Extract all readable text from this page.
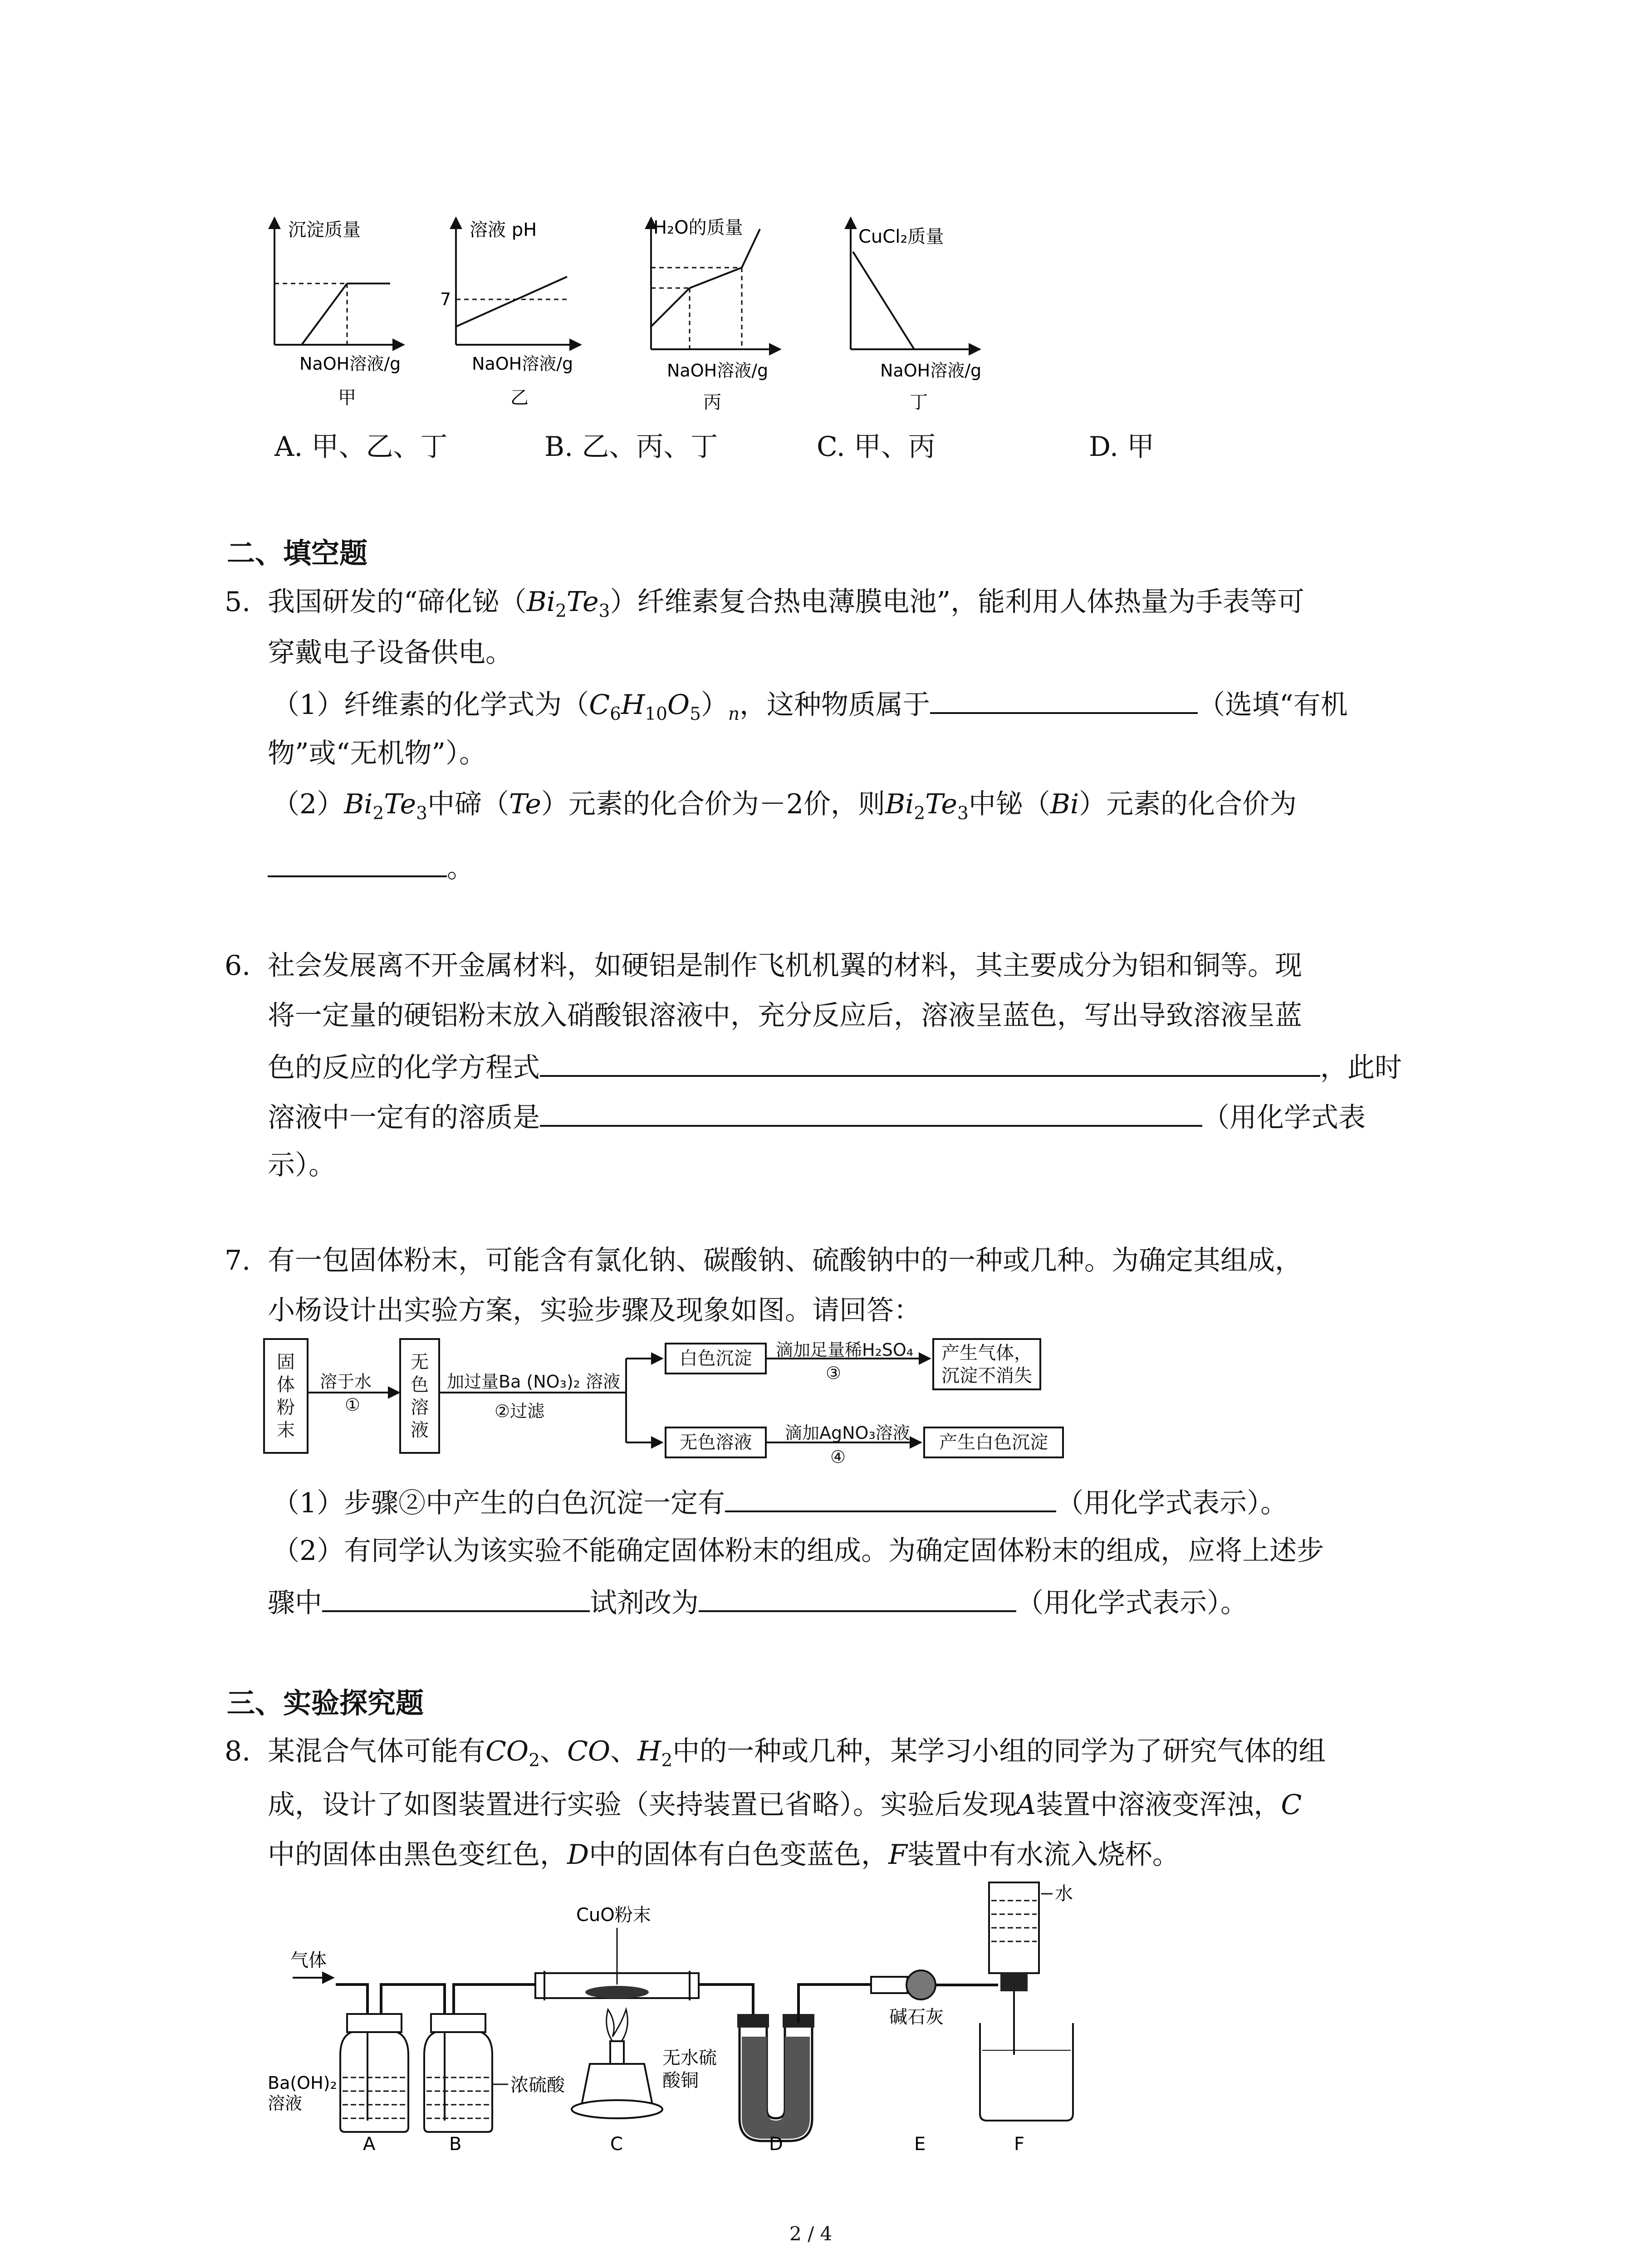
沉淀质量
NaOH溶液/g
甲
7
溶液 pH
NaOH溶液/g
乙
H₂O的质量
NaOH溶液/g
丙
CuCl₂质量
NaOH溶液/g
丁
A. 甲、乙、丁	B. 乙、丙、丁	C. 甲、丙	D. 甲
二、填空题
5. 我国研发的“碲化铋$(Bi_2Te_3)$纤维素复合热电薄膜电池”，能利用人体热量为手表等可
穿戴电子设备供电。
（1）纤维素的化学式为$(C_6H_{10}O_5)_n$，这种物质属于	（选填“有机
物”或“无机物”）。
$(2)Bi_2Te_3$中碲（Te）元素的化合价为－2价，则$Bi_2Te_3$中铋（Bi）元素的化合价为
。
6. 社会发展离不开金属材料，如硬铝是制作飞机机翼的材料，其主要成分为铝和铜等。现
将一定量的硬铝粉末放入硝酸银溶液中，充分反应后，溶液呈蓝色，写出导致溶液呈蓝
色的反应的化学方程式	，此时
溶液中一定有的溶质是	（用化学式表
示）。
7. 有一包固体粉末，可能含有氯化钠、碳酸钠、硫酸钠中的一种或几种。为确定其组成，
小杨设计出实验方案，实验步骤及现象如图。请回答：
固体粉末
无色溶液
溶于水
①
加过量Ba (NO₃)₂ 溶液
②过滤
白色沉淀	滴加足量稀H₂SO₄
③
产生气体，沉淀不消失
无色溶液	滴加AgNO₃溶液
④
产生白色沉淀
（1）步骤②中产生的白色沉淀一定有	（用化学式表示）。
（2）有同学认为该实验不能确定固体粉末的组成。为确定固体粉末的组成，应将上述步
骤中	试剂改为	（用化学式表示）。
三、实验探究题
8. 某混合气体可能有$CO_2$、CO、$H_2$中的一种或几种，某学习小组的同学为了研究气体的组
成，设计了如图装置进行实验（夹持装置已省略）。实验后发现A装置中溶液变浑浊，C
中的固体由黑色变红色，D中的固体有白色变蓝色，F装置中有水流入烧杯。
气体
Ba(OH)₂
溶液
浓硫酸
CuO粉末
无水硫
酸铜
碱石灰
水
A	B	C	D	E	F
2 / 4
